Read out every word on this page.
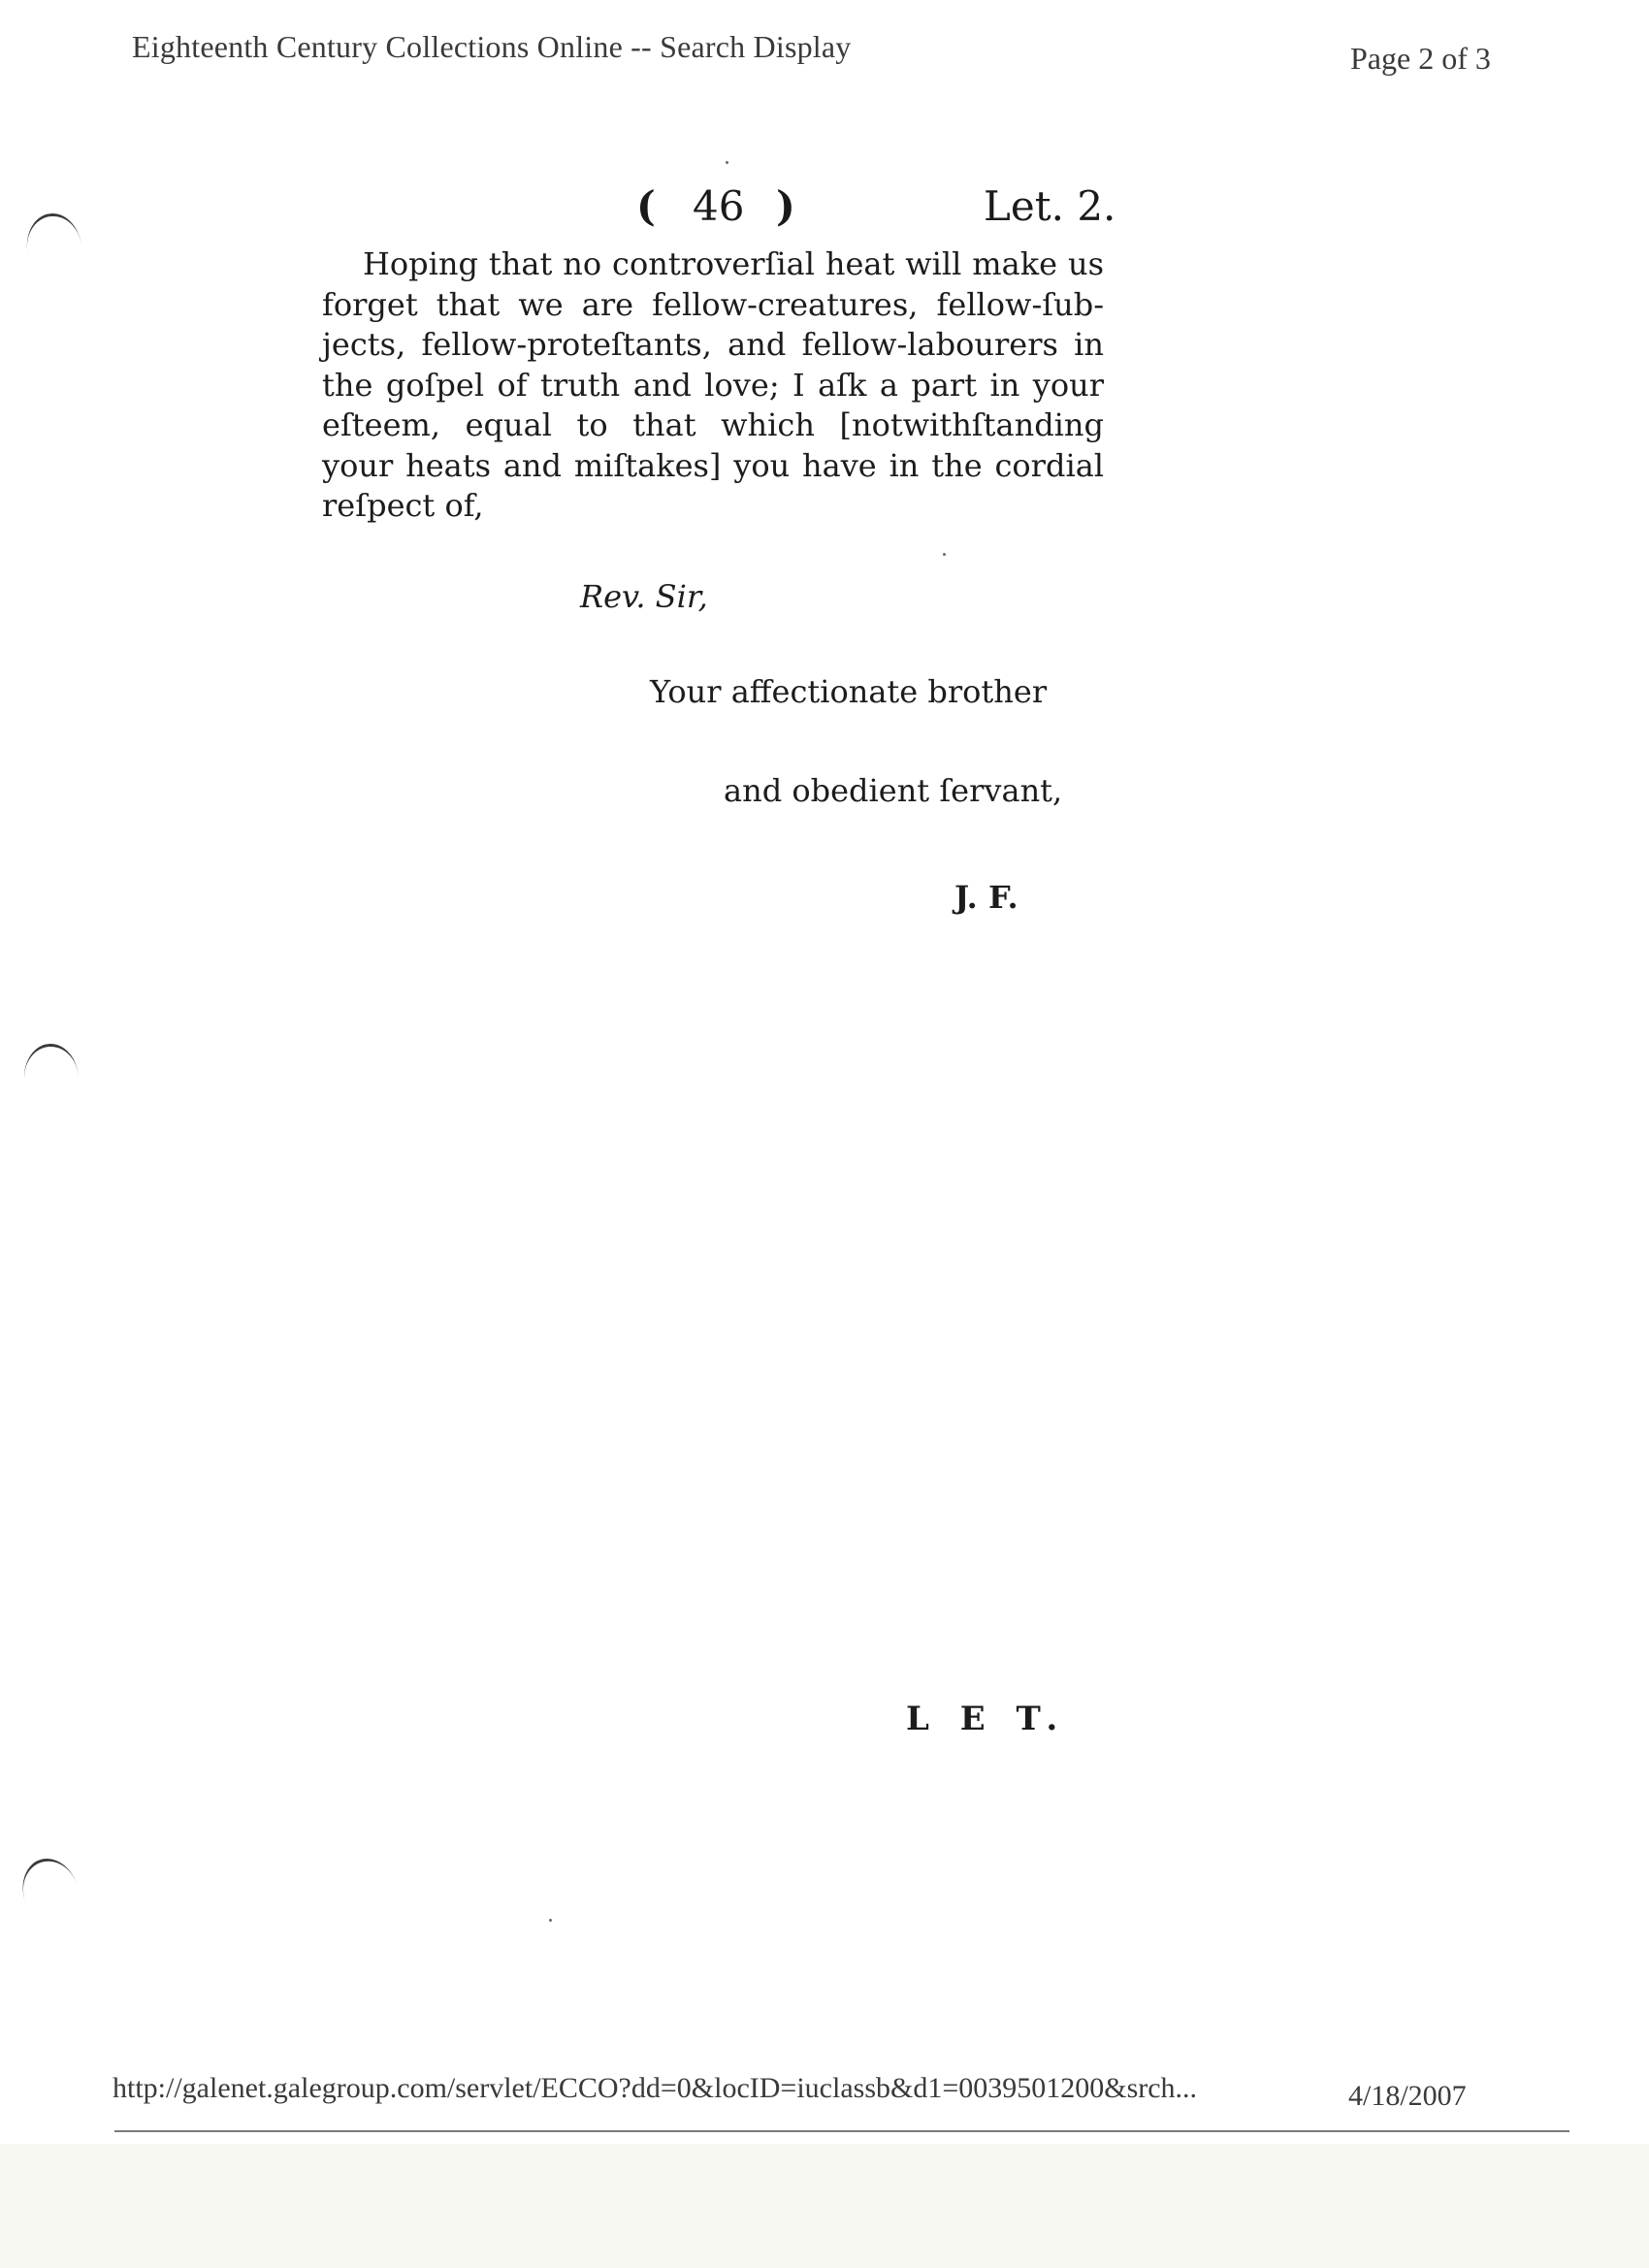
Eighteenth Century Collections Online -- Search Display	Page 2 of 3
( 46 )	Let. 2.

Hoping that no controverſial heat will make us forget that we are fellow-creatures, fellow-ſub-jects, fellow-proteſtants, and fellow-labourers in the goſpel of truth and love; I aſk a part in your eſteem, equal to that which [notwithſtanding your heats and miſtakes] you have in the cordial reſpect of,

Rev. Sir,
Your affectionate brother
and obedient ſervant,
J. F.
L E T.
http://galenet.galegroup.com/servlet/ECCO?dd=0&locID=iuclassb&d1=0039501200&srch...	4/18/2007
